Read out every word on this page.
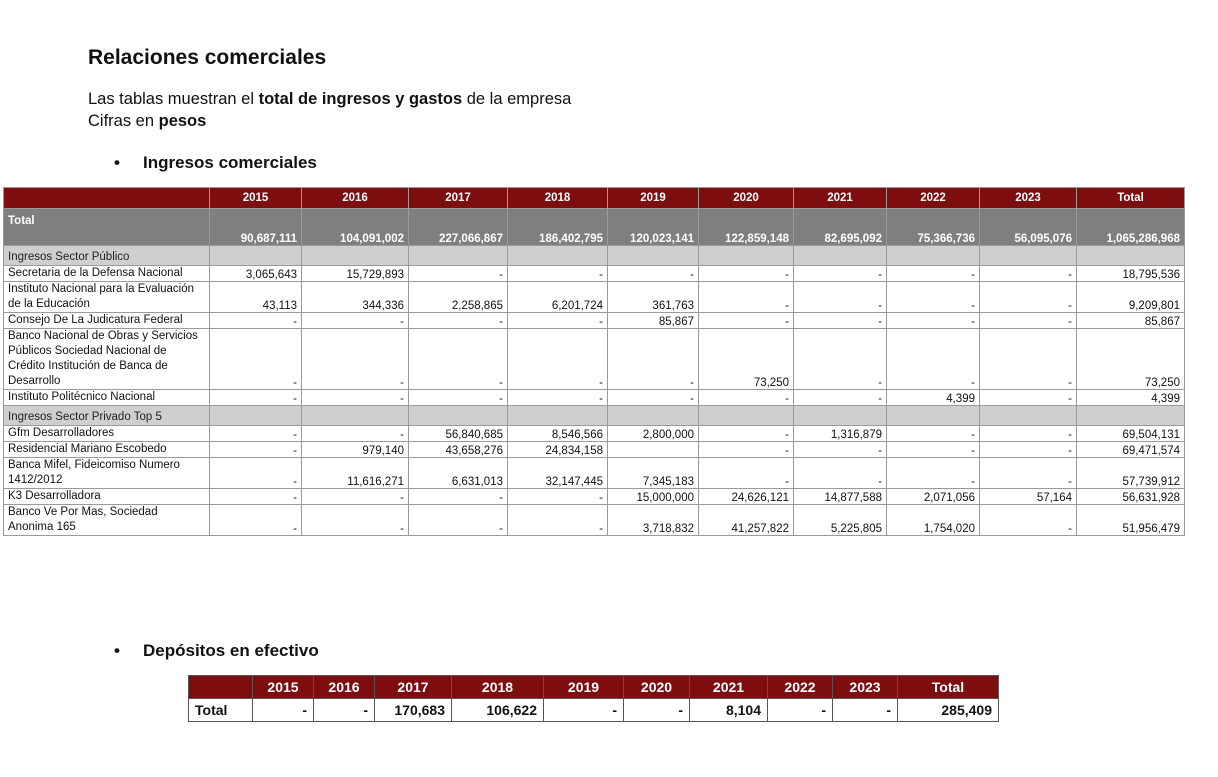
Relaciones comerciales
Las tablas muestran el total de ingresos y gastos de la empresa
Cifras en pesos
• Ingresos comerciales
	2015	2016	2017	2018	2019	2020	2021	2022	2023	Total
Total	90,687,111	104,091,002	227,066,867	186,402,795	120,023,141	122,859,148	82,695,092	75,366,736	56,095,076	1,065,286,968
Ingresos Sector Público										
Secretaria de la Defensa Nacional	3,065,643	15,729,893	-	-	-	-	-	-	-	18,795,536
Instituto Nacional para la Evaluación de la Educación	43,113	344,336	2,258,865	6,201,724	361,763	-	-	-	-	9,209,801
Consejo De La Judicatura Federal	-	-	-	-	85,867	-	-	-	-	85,867
Banco Nacional de Obras y Servicios Públicos Sociedad Nacional de Crédito Institución de Banca de Desarrollo	-	-	-	-	-	73,250	-	-	-	73,250
Instituto Politécnico Nacional	-	-	-	-	-	-	-	4,399	-	4,399
Ingresos Sector Privado Top 5										
Gfm Desarrolladores	-	-	56,840,685	8,546,566	2,800,000	-	1,316,879	-	-	69,504,131
Residencial Mariano Escobedo	-	979,140	43,658,276	24,834,158		-	-	-	-	69,471,574
Banca Mifel, Fideicomiso Numero 1412/2012	-	11,616,271	6,631,013	32,147,445	7,345,183	-	-	-	-	57,739,912
K3 Desarrolladora	-	-	-	-	15,000,000	24,626,121	14,877,588	2,071,056	57,164	56,631,928
Banco Ve Por Mas, Sociedad Anonima 165	-	-	-	-	3,718,832	41,257,822	5,225,805	1,754,020	-	51,956,479
• Depósitos en efectivo
	2015	2016	2017	2018	2019	2020	2021	2022	2023	Total
Total	-	-	170,683	106,622	-	-	8,104	-	-	285,409
